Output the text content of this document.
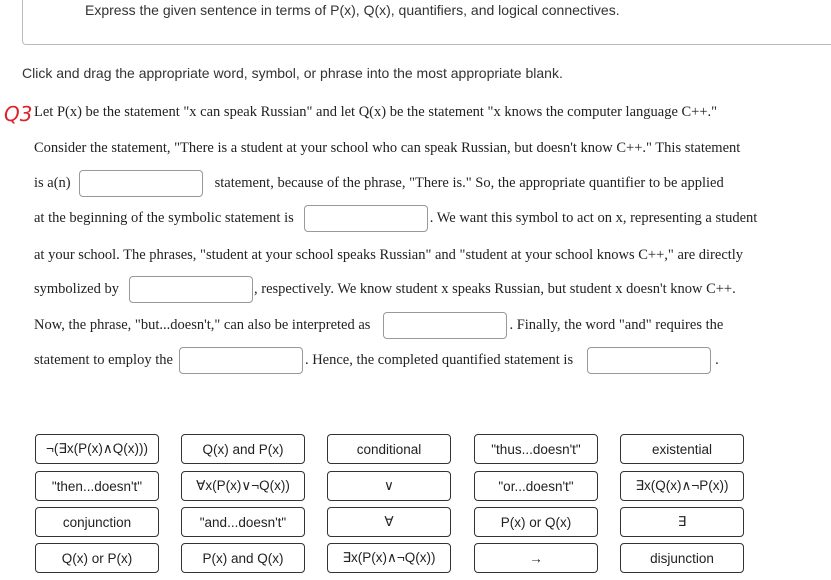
Express the given sentence in terms of P(x), Q(x), quantifiers, and logical connectives.
Click and drag the appropriate word, symbol, or phrase into the most appropriate blank.
Q3 Let P(x) be the statement "x can speak Russian" and let Q(x) be the statement "x knows the computer language C++."
Consider the statement, "There is a student at your school who can speak Russian, but doesn't know C++." This statement
is a(n)	statement, because of the phrase, "There is." So, the appropriate quantifier to be applied
at the beginning of the symbolic statement is	. We want this symbol to act on x, representing a student
at your school. The phrases, "student at your school speaks Russian" and "student at your school knows C++," are directly
symbolized by	, respectively. We know student x speaks Russian, but student x doesn't know C++.
Now, the phrase, "but...doesn't," can also be interpreted as	. Finally, the word "and" requires the
statement to employ the	. Hence, the completed quantified statement is	.
¬(∃x(P(x)∧Q(x)))	Q(x) and P(x)	conditional	"thus...doesn't"	existential
"then...doesn't"	∀x(P(x)∨¬Q(x))	∨	"or...doesn't"	∃x(Q(x)∧¬P(x))
conjunction	"and...doesn't"	∀	P(x) or Q(x)	∃
Q(x) or P(x)	P(x) and Q(x)	∃x(P(x)∧¬Q(x))	→	disjunction
